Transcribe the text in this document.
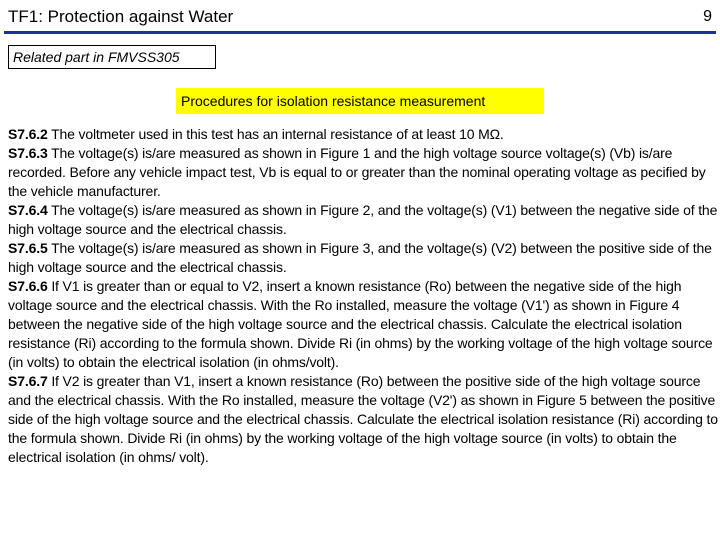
TF1: Protection against Water	9
Related part in FMVSS305
Procedures for isolation resistance measurement

S7.6.2 The voltmeter used in this test has an internal resistance of at least 10 MΩ.

S7.6.3 The voltage(s) is/are measured as shown in Figure 1 and the high voltage source voltage(s) (Vb) is/are recorded. Before any vehicle impact test, Vb is equal to or greater than the nominal operating voltage as pecified by the vehicle manufacturer.

S7.6.4 The voltage(s) is/are measured as shown in Figure 2, and the voltage(s) (V1) between the negative side of the high voltage source and the electrical chassis.

S7.6.5 The voltage(s) is/are measured as shown in Figure 3, and the voltage(s) (V2) between the positive side of the high voltage source and the electrical chassis.

S7.6.6 If V1 is greater than or equal to V2, insert a known resistance (Ro) between the negative side of the high voltage source and the electrical chassis. With the Ro installed, measure the voltage (V1') as shown in Figure 4 between the negative side of the high voltage source and the electrical chassis. Calculate the electrical isolation resistance (Ri) according to the formula shown. Divide Ri (in ohms) by the working voltage of the high voltage source (in volts) to obtain the electrical isolation (in ohms/volt).

S7.6.7 If V2 is greater than V1, insert a known resistance (Ro) between the positive side of the high voltage source and the electrical chassis. With the Ro installed, measure the voltage (V2') as shown in Figure 5 between the positive side of the high voltage source and the electrical chassis. Calculate the electrical isolation resistance (Ri) according to the formula shown. Divide Ri (in ohms) by the working voltage of the high voltage source (in volts) to obtain the electrical isolation (in ohms/ volt).
